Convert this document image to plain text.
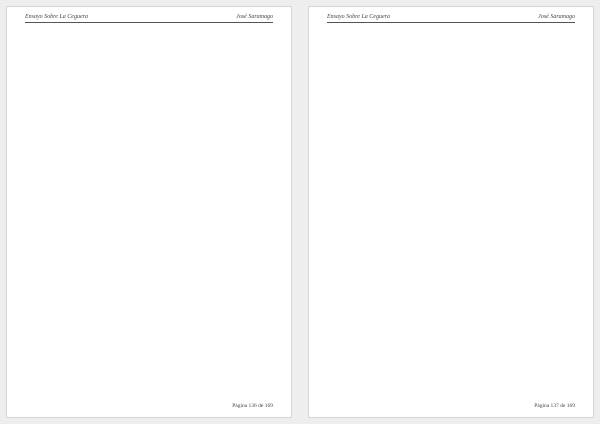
Ensayo Sobre La Ceguera	José Saramago

Página 136 de 169
Ensayo Sobre La Ceguera	José Saramago

Página 137 de 169
